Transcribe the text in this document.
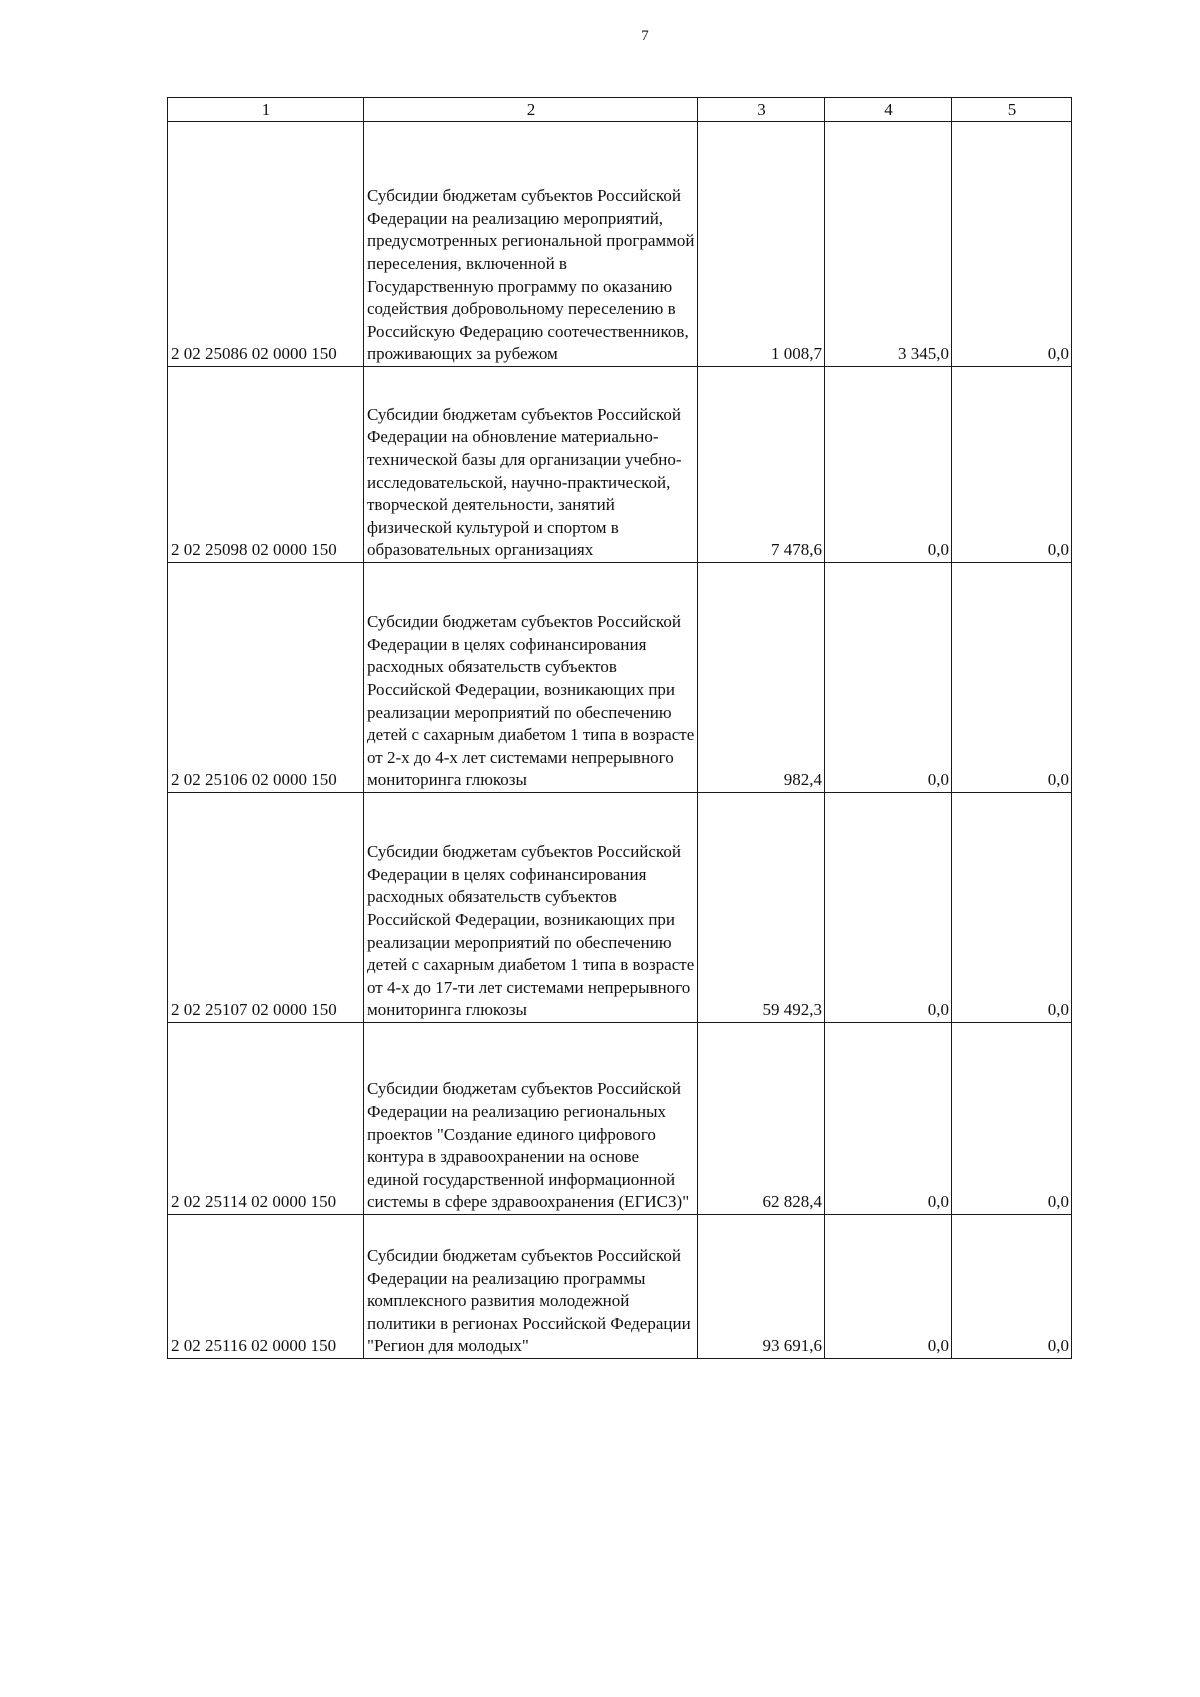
7
1	2	3	4	5
2 02 25086 02 0000 150	Субсидии бюджетам субъектов Российской Федерации на реализацию мероприятий, предусмотренных региональной программой переселения, включенной в Государственную программу по оказанию содействия добровольному переселению в Российскую Федерацию соотечественников, проживающих за рубежом	1 008,7	3 345,0	0,0
2 02 25098 02 0000 150	Субсидии бюджетам субъектов Российской Федерации на обновление материально-технической базы для организации учебно-исследовательской, научно-практической, творческой деятельности, занятий физической культурой и спортом в образовательных организациях	7 478,6	0,0	0,0
2 02 25106 02 0000 150	Субсидии бюджетам субъектов Российской Федерации в целях софинансирования расходных обязательств субъектов Российской Федерации, возникающих при реализации мероприятий по обеспечению детей с сахарным диабетом 1 типа в возрасте от 2-х до 4-х лет системами непрерывного мониторинга глюкозы	982,4	0,0	0,0
2 02 25107 02 0000 150	Субсидии бюджетам субъектов Российской Федерации в целях софинансирования расходных обязательств субъектов Российской Федерации, возникающих при реализации мероприятий по обеспечению детей с сахарным диабетом 1 типа в возрасте от 4-х до 17-ти лет системами непрерывного мониторинга глюкозы	59 492,3	0,0	0,0
2 02 25114 02 0000 150	Субсидии бюджетам субъектов Российской Федерации на реализацию региональных проектов "Создание единого цифрового контура в здравоохранении на основе единой государственной информационной системы в сфере здравоохранения (ЕГИСЗ)"	62 828,4	0,0	0,0
2 02 25116 02 0000 150	Субсидии бюджетам субъектов Российской Федерации на реализацию программы комплексного развития молодежной политики в регионах Российской Федерации "Регион для молодых"	93 691,6	0,0	0,0
